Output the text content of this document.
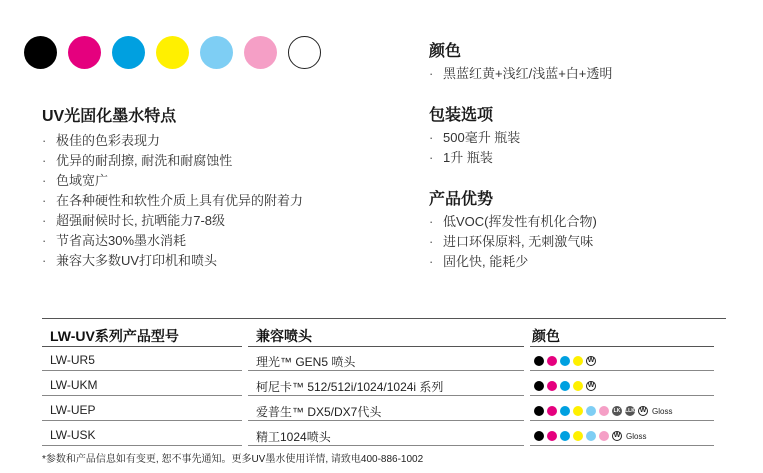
UV光固化墨水特点
· 极佳的色彩表现力
· 优异的耐刮擦, 耐洗和耐腐蚀性
· 色域宽广
· 在各种硬性和软性介质上具有优异的附着力
· 超强耐候时长, 抗晒能力7-8级
· 节省高达30%墨水消耗
· 兼容大多数UV打印机和喷头
颜色
· 黑蓝红黄+浅红/浅蓝+白+透明
包装选项
· 500毫升 瓶装
· 1升 瓶装
产品优势
· 低VOC(挥发性有机化合物)
· 进口环保原料, 无刺激气味
· 固化快, 能耗少
LW-UV系列产品型号	兼容喷头	颜色
LW-UR5	理光™ GEN5 喷头	W
LW-UKM	柯尼卡™ 512/512i/1024/1024i 系列	W
LW-UEP	爱普生™ DX5/DX7代头	LK LLK W Gloss
LW-USK	精工1024喷头	W Gloss
*参数和产品信息如有变更, 恕不事先通知。更多UV墨水使用详情, 请致电400-886-1002
